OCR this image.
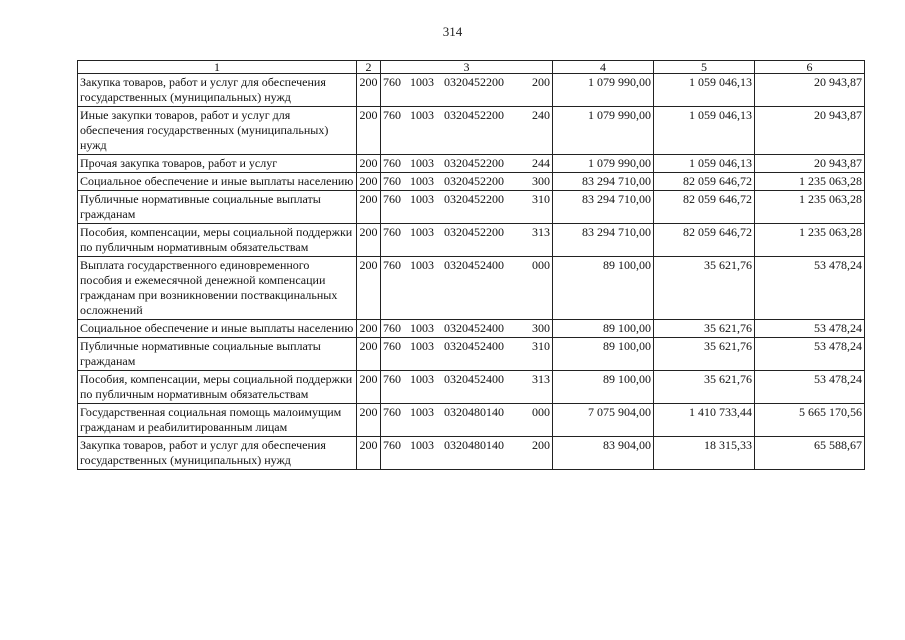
314
1	2	3	4	5	6
Закупка товаров, работ и услуг для обеспечения государственных (муниципальных) нужд	200	760 1003 0320452200 200	1 079 990,00	1 059 046,13	20 943,87
Иные закупки товаров, работ и услуг для обеспечения государственных (муниципальных) нужд	200	760 1003 0320452200 240	1 079 990,00	1 059 046,13	20 943,87
Прочая закупка товаров, работ и услуг	200	760 1003 0320452200 244	1 079 990,00	1 059 046,13	20 943,87
Социальное обеспечение и иные выплаты населению	200	760 1003 0320452200 300	83 294 710,00	82 059 646,72	1 235 063,28
Публичные нормативные социальные выплаты гражданам	200	760 1003 0320452200 310	83 294 710,00	82 059 646,72	1 235 063,28
Пособия, компенсации, меры социальной поддержки по публичным нормативным обязательствам	200	760 1003 0320452200 313	83 294 710,00	82 059 646,72	1 235 063,28
Выплата государственного единовременного пособия и ежемесячной денежной компенсации гражданам при возникновении поствакцинальных осложнений	200	760 1003 0320452400 000	89 100,00	35 621,76	53 478,24
Социальное обеспечение и иные выплаты населению	200	760 1003 0320452400 300	89 100,00	35 621,76	53 478,24
Публичные нормативные социальные выплаты гражданам	200	760 1003 0320452400 310	89 100,00	35 621,76	53 478,24
Пособия, компенсации, меры социальной поддержки по публичным нормативным обязательствам	200	760 1003 0320452400 313	89 100,00	35 621,76	53 478,24
Государственная социальная помощь малоимущим гражданам и реабилитированным лицам	200	760 1003 0320480140 000	7 075 904,00	1 410 733,44	5 665 170,56
Закупка товаров, работ и услуг для обеспечения государственных (муниципальных) нужд	200	760 1003 0320480140 200	83 904,00	18 315,33	65 588,67
